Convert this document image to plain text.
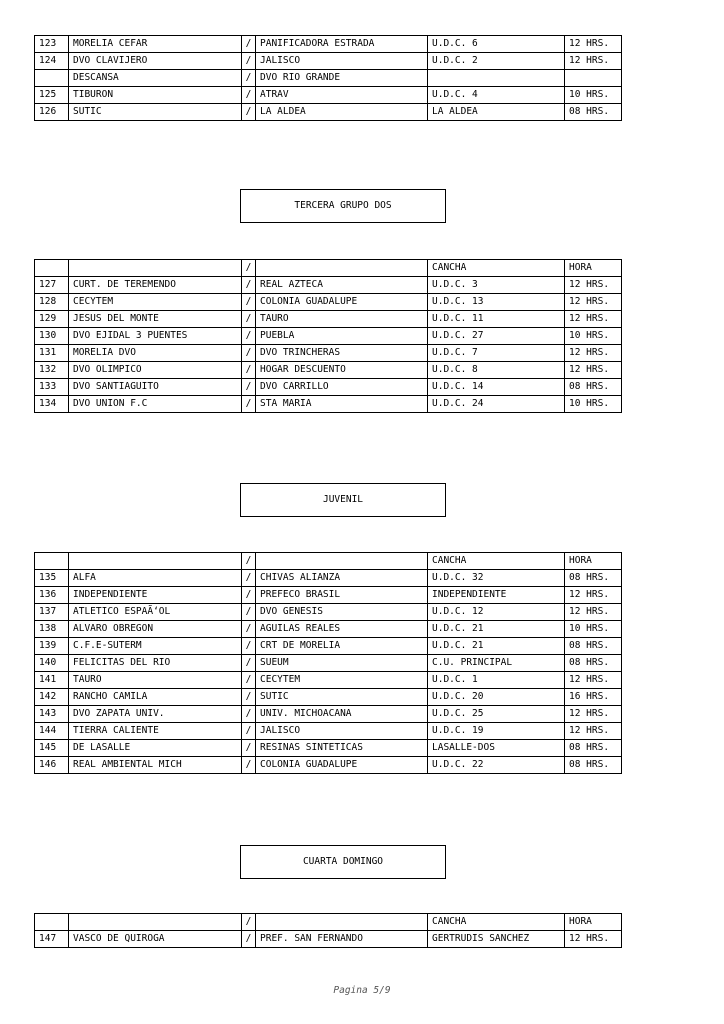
123	MORELIA CEFAR	/	PANIFICADORA ESTRADA	U.D.C. 6	12 HRS.
124	DVO CLAVIJERO	/	JALISCO	U.D.C. 2	12 HRS.
	DESCANSA	/	DVO RIO GRANDE		
125	TIBURON	/	ATRAV	U.D.C. 4	10 HRS.
126	SUTIC	/	LA ALDEA	LA ALDEA	08 HRS.
TERCERA GRUPO DOS
		/		CANCHA	HORA
127	CURT. DE TEREMENDO	/	REAL AZTECA	U.D.C. 3	12 HRS.
128	CECYTEM	/	COLONIA GUADALUPE	U.D.C. 13	12 HRS.
129	JESUS DEL MONTE	/	TAURO	U.D.C. 11	12 HRS.
130	DVO EJIDAL 3 PUENTES	/	PUEBLA	U.D.C. 27	10 HRS.
131	MORELIA DVO	/	DVO TRINCHERAS	U.D.C. 7	12 HRS.
132	DVO OLIMPICO	/	HOGAR DESCUENTO	U.D.C. 8	12 HRS.
133	DVO SANTIAGUITO	/	DVO CARRILLO	U.D.C. 14	08 HRS.
134	DVO UNION F.C	/	STA MARIA	U.D.C. 24	10 HRS.
JUVENIL
		/		CANCHA	HORA
135	ALFA	/	CHIVAS ALIANZA	U.D.C. 32	08 HRS.
136	INDEPENDIENTE	/	PREFECO BRASIL	INDEPENDIENTE	12 HRS.
137	ATLETICO ESPAÃ‘OL	/	DVO GENESIS	U.D.C. 12	12 HRS.
138	ALVARO OBREGON	/	AGUILAS REALES	U.D.C. 21	10 HRS.
139	C.F.E-SUTERM	/	CRT DE MORELIA	U.D.C. 21	08 HRS.
140	FELICITAS DEL RIO	/	SUEUM	C.U. PRINCIPAL	08 HRS.
141	TAURO	/	CECYTEM	U.D.C. 1	12 HRS.
142	RANCHO CAMILA	/	SUTIC	U.D.C. 20	16 HRS.
143	DVO ZAPATA UNIV.	/	UNIV. MICHOACANA	U.D.C. 25	12 HRS.
144	TIERRA CALIENTE	/	JALISCO	U.D.C. 19	12 HRS.
145	DE LASALLE	/	RESINAS SINTETICAS	LASALLE-DOS	08 HRS.
146	REAL AMBIENTAL MICH	/	COLONIA GUADALUPE	U.D.C. 22	08 HRS.
CUARTA DOMINGO
		/		CANCHA	HORA
147	VASCO DE QUIROGA	/	PREF. SAN FERNANDO	GERTRUDIS SANCHEZ	12 HRS.
Pagina 5/9
